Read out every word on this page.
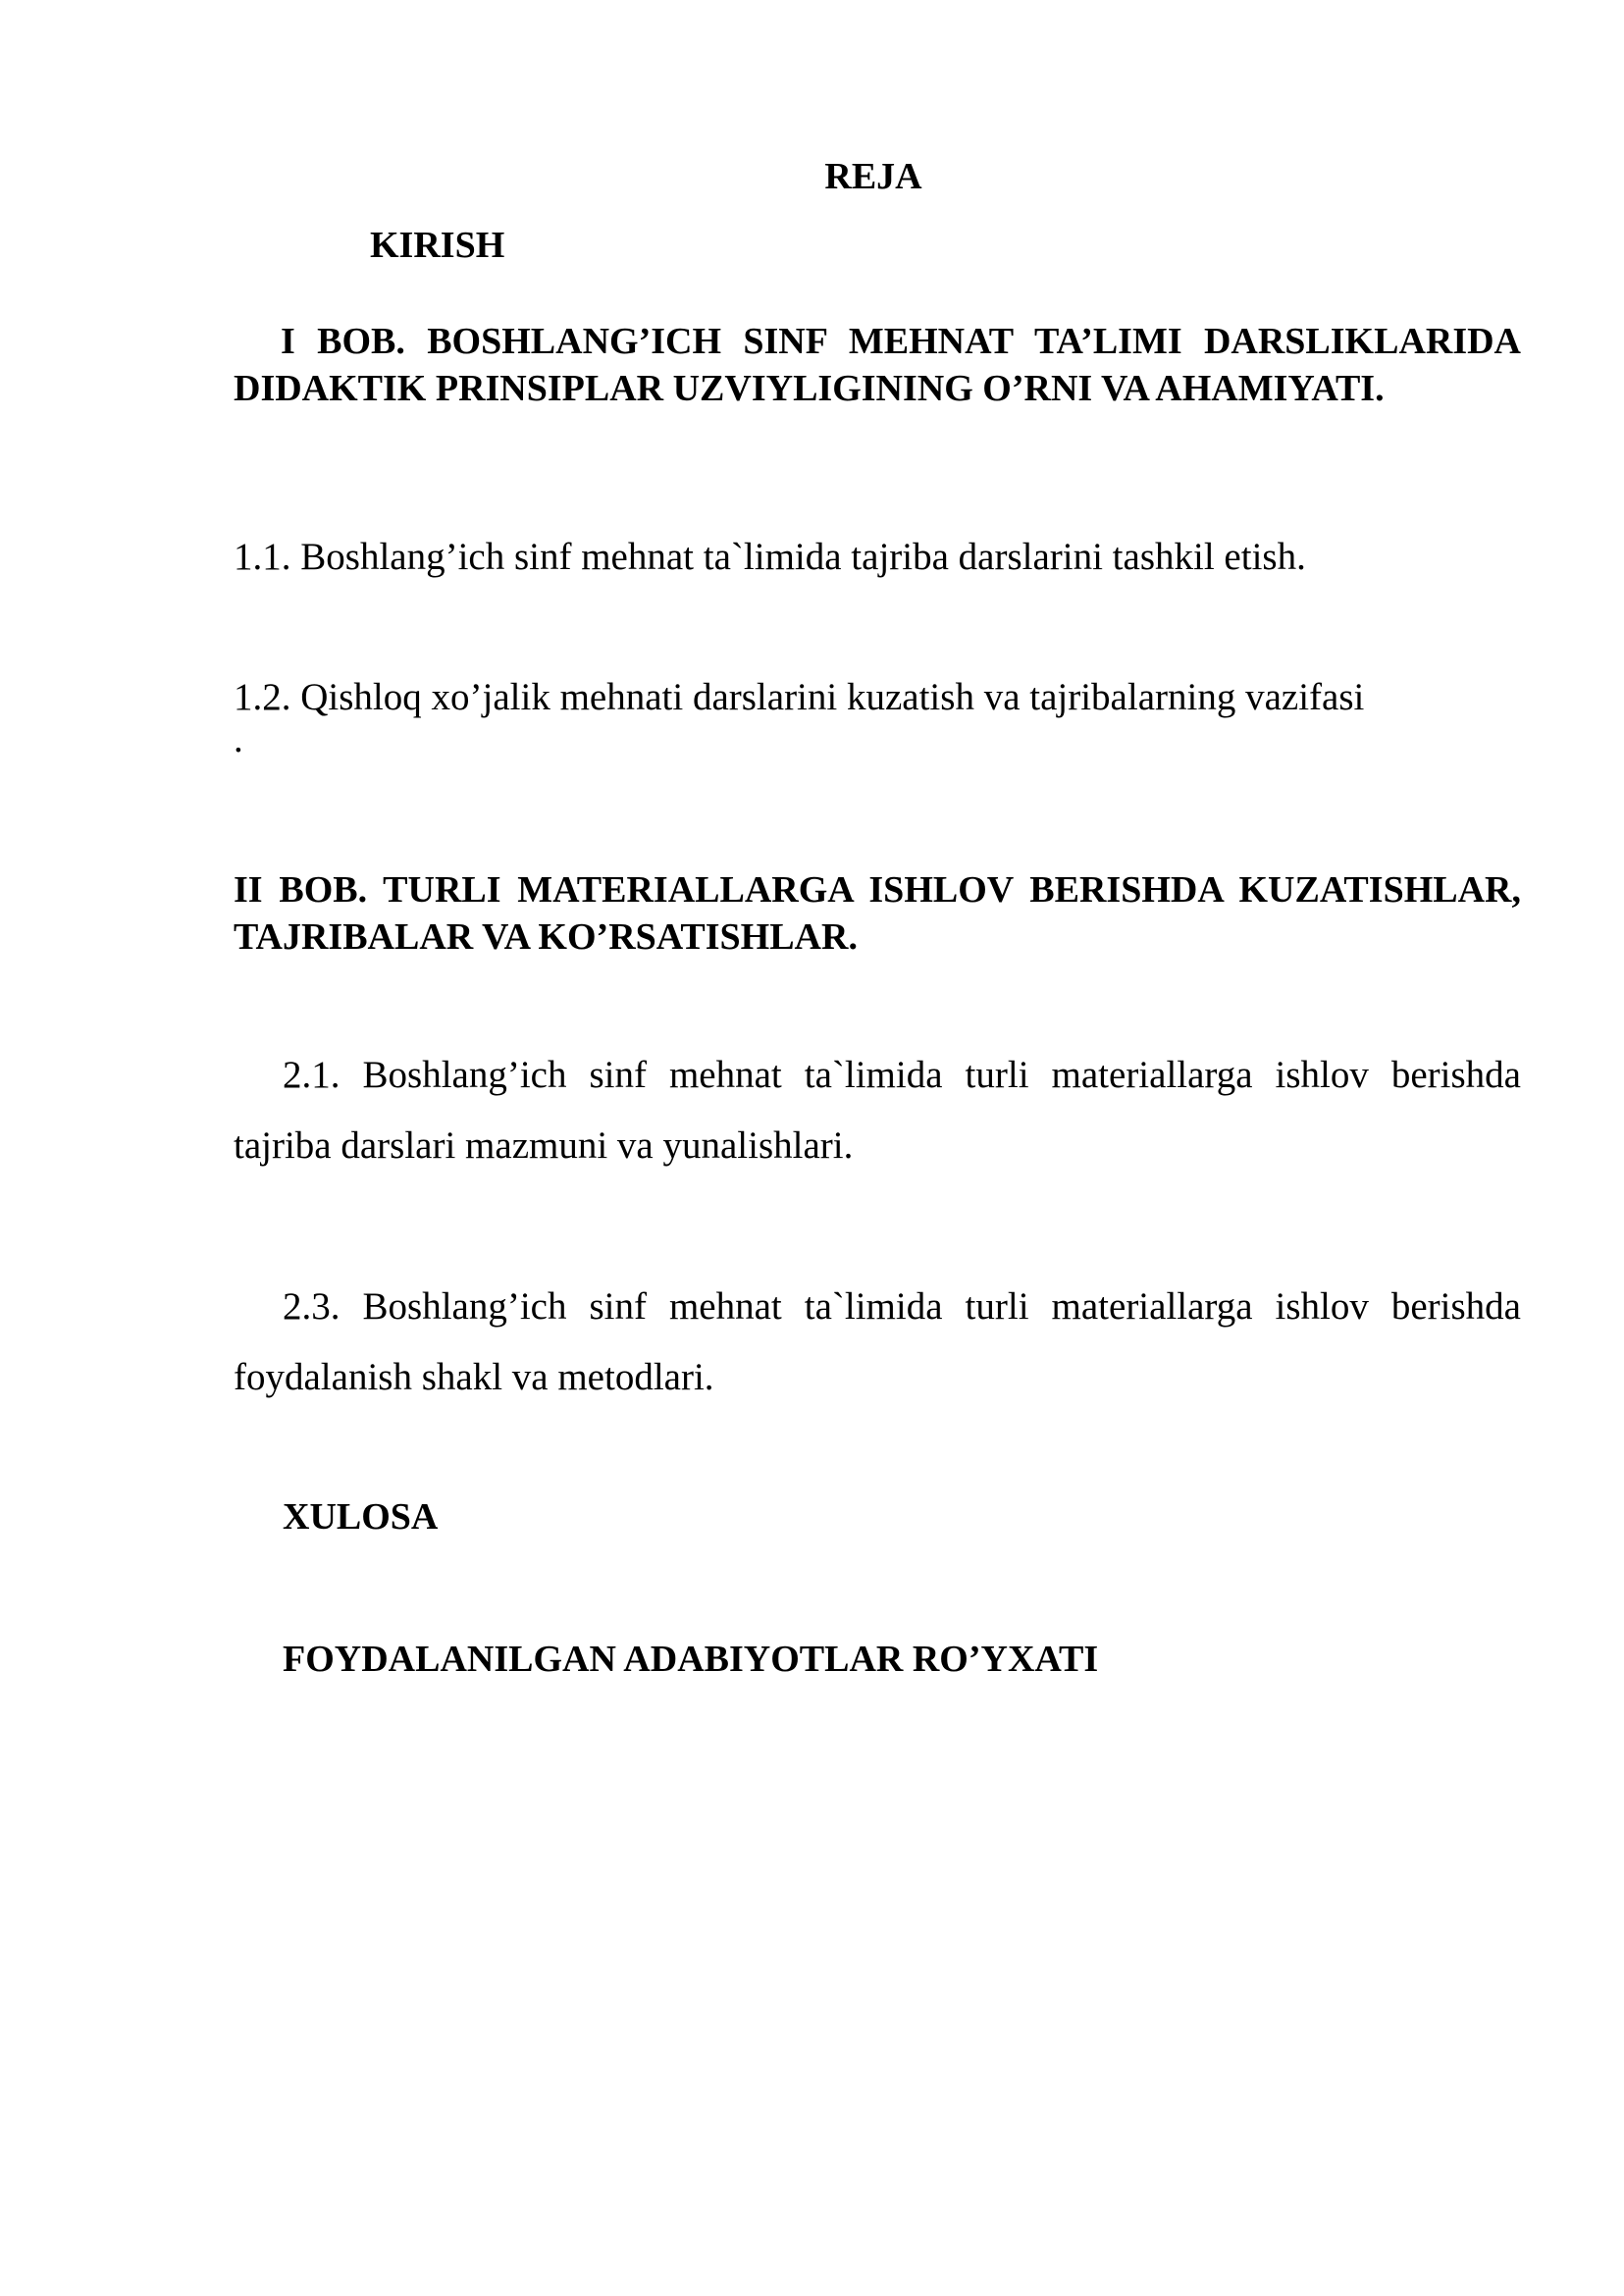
REJA
KIRISH
I BOB. BOSHLANG’ICH SINF MEHNAT TA’LIMI DARSLIKLARIDA DIDAKTIK PRINSIPLAR UZVIYLIGINING O’RNI VA AHAMIYATI.
1.1. Boshlang’ich sinf mehnat ta`limida tajriba darslarini tashkil etish.
1.2. Qishloq xo’jalik mehnati darslarini kuzatish va tajribalarning vazifasi
.
II BOB. TURLI MATERIALLARGA ISHLOV BERISHDA KUZATISHLAR, TAJRIBALAR VA KO’RSATISHLAR.
2.1. Boshlang’ich sinf mehnat ta`limida turli materiallarga ishlov berishda tajriba darslari mazmuni va yunalishlari.
2.3. Boshlang’ich sinf mehnat ta`limida turli materiallarga ishlov berishda foydalanish shakl va metodlari.
XULOSA
FOYDALANILGAN ADABIYOTLAR RO’YXATI
